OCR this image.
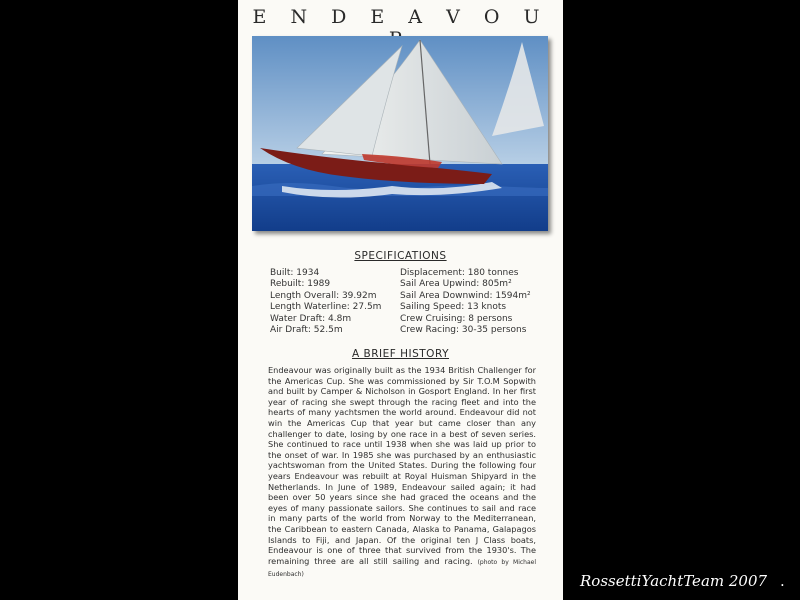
E N D E A V O U
SPECIFICATIONS
Built: 1934
Rebuilt: 1989
Length Overall: 39.92m
Length Waterline: 27.5m
Water Draft: 4.8m
Air Draft: 52.5m
Displacement: 180 tonnes
Sail Area Upwind: 805m²
Sail Area Downwind: 1594m²
Sailing Speed: 13 knots
Crew Cruising: 8 persons
Crew Racing: 30-35 persons
A BRIEF HISTORY

Endeavour was originally built as the 1934 British Challenger for the Americas Cup. She was commissioned by Sir T.O.M Sopwith and built by Camper & Nicholson in Gosport England. In her first year of racing she swept through the racing fleet and into the hearts of many yachtsmen the world around. Endeavour did not win the Americas Cup that year but came closer than any challenger to date, losing by one race in a best of seven series. She continued to race until 1938 when she was laid up prior to the onset of war. In 1985 she was purchased by an enthusiastic yachtswoman from the United States. During the following four years Endeavour was rebuilt at Royal Huisman Shipyard in the Netherlands. In June of 1989, Endeavour sailed again; it had been over 50 years since she had graced the oceans and the eyes of many passionate sailors. She continues to sail and race in many parts of the world from Norway to the Mediterranean, the Caribbean to eastern Canada, Alaska to Panama, Galapagos Islands to Fiji, and Japan. Of the original ten J Class boats, Endeavour is one of three that survived from the 1930's. The remaining three are all still sailing and racing. (photo by Michael Eudenbach)	RossettiYachtTeam 2007 .
